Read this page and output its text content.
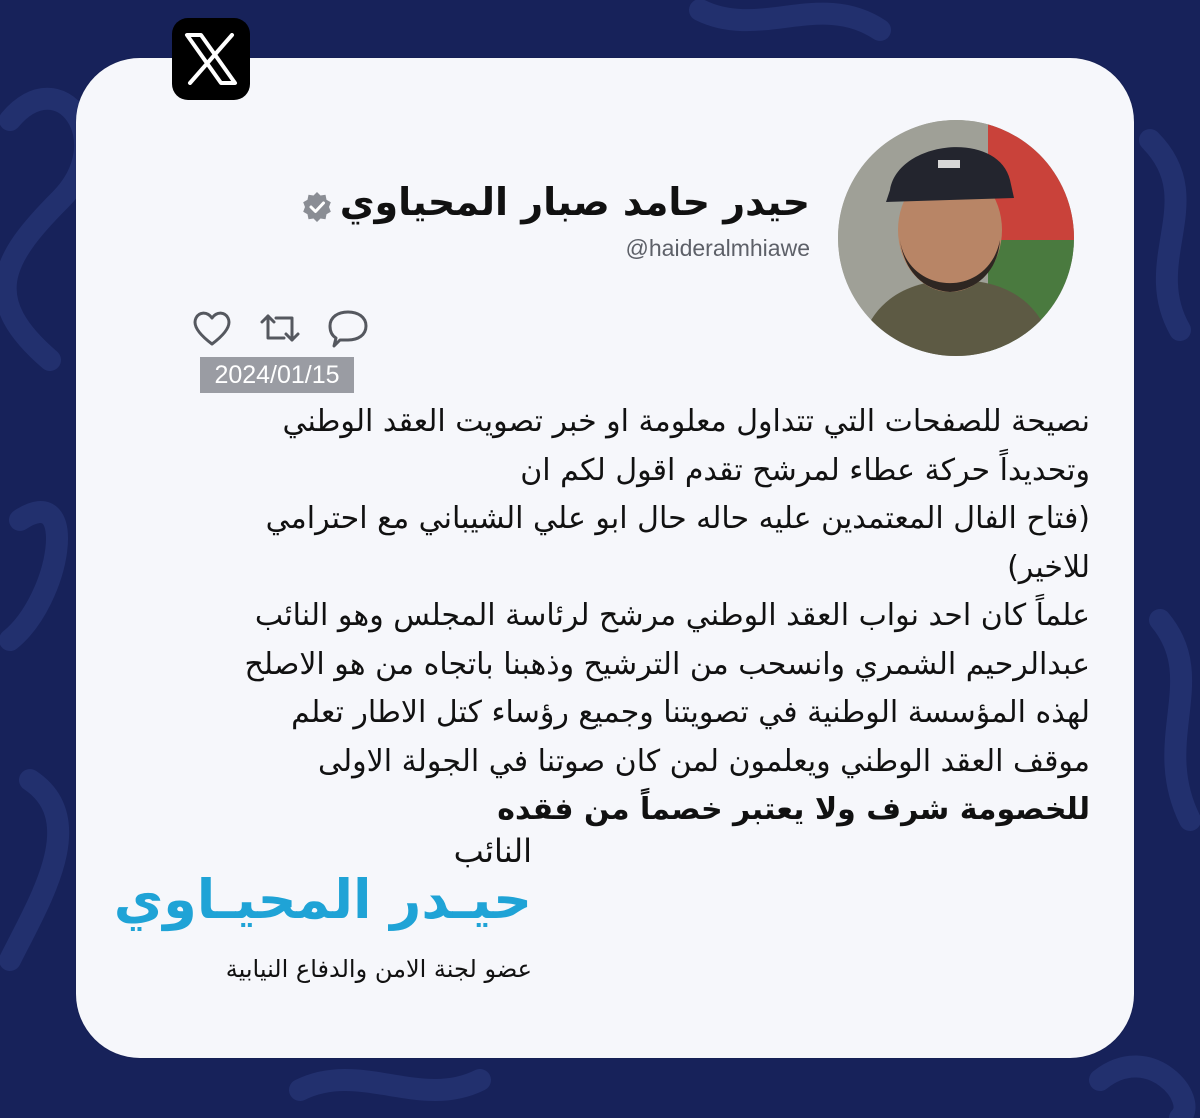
حيدر حامد صبار المحياوي
@haideralmhiawe
2024/01/15

نصيحة للصفحات التي تتداول معلومة او خبر تصويت العقد الوطني

وتحديداً حركة عطاء لمرشح تقدم اقول لكم ان

(فتاح الفال المعتمدين عليه حاله حال ابو علي الشيباني مع احترامي

للاخير)

علماً كان احد نواب العقد الوطني مرشح لرئاسة المجلس وهو النائب

عبدالرحيم الشمري وانسحب من الترشيح وذهبنا باتجاه من هو الاصلح

لهذه المؤسسة الوطنية في تصويتنا وجميع رؤساء كتل الاطار تعلم

موقف العقد الوطني ويعلمون لمن كان صوتنا في الجولة الاولى

للخصومة شرف ولا يعتبر خصماً من فقده

النائب
حيـدر المحيـاوي
عضو لجنة الامن والدفاع النيابية
